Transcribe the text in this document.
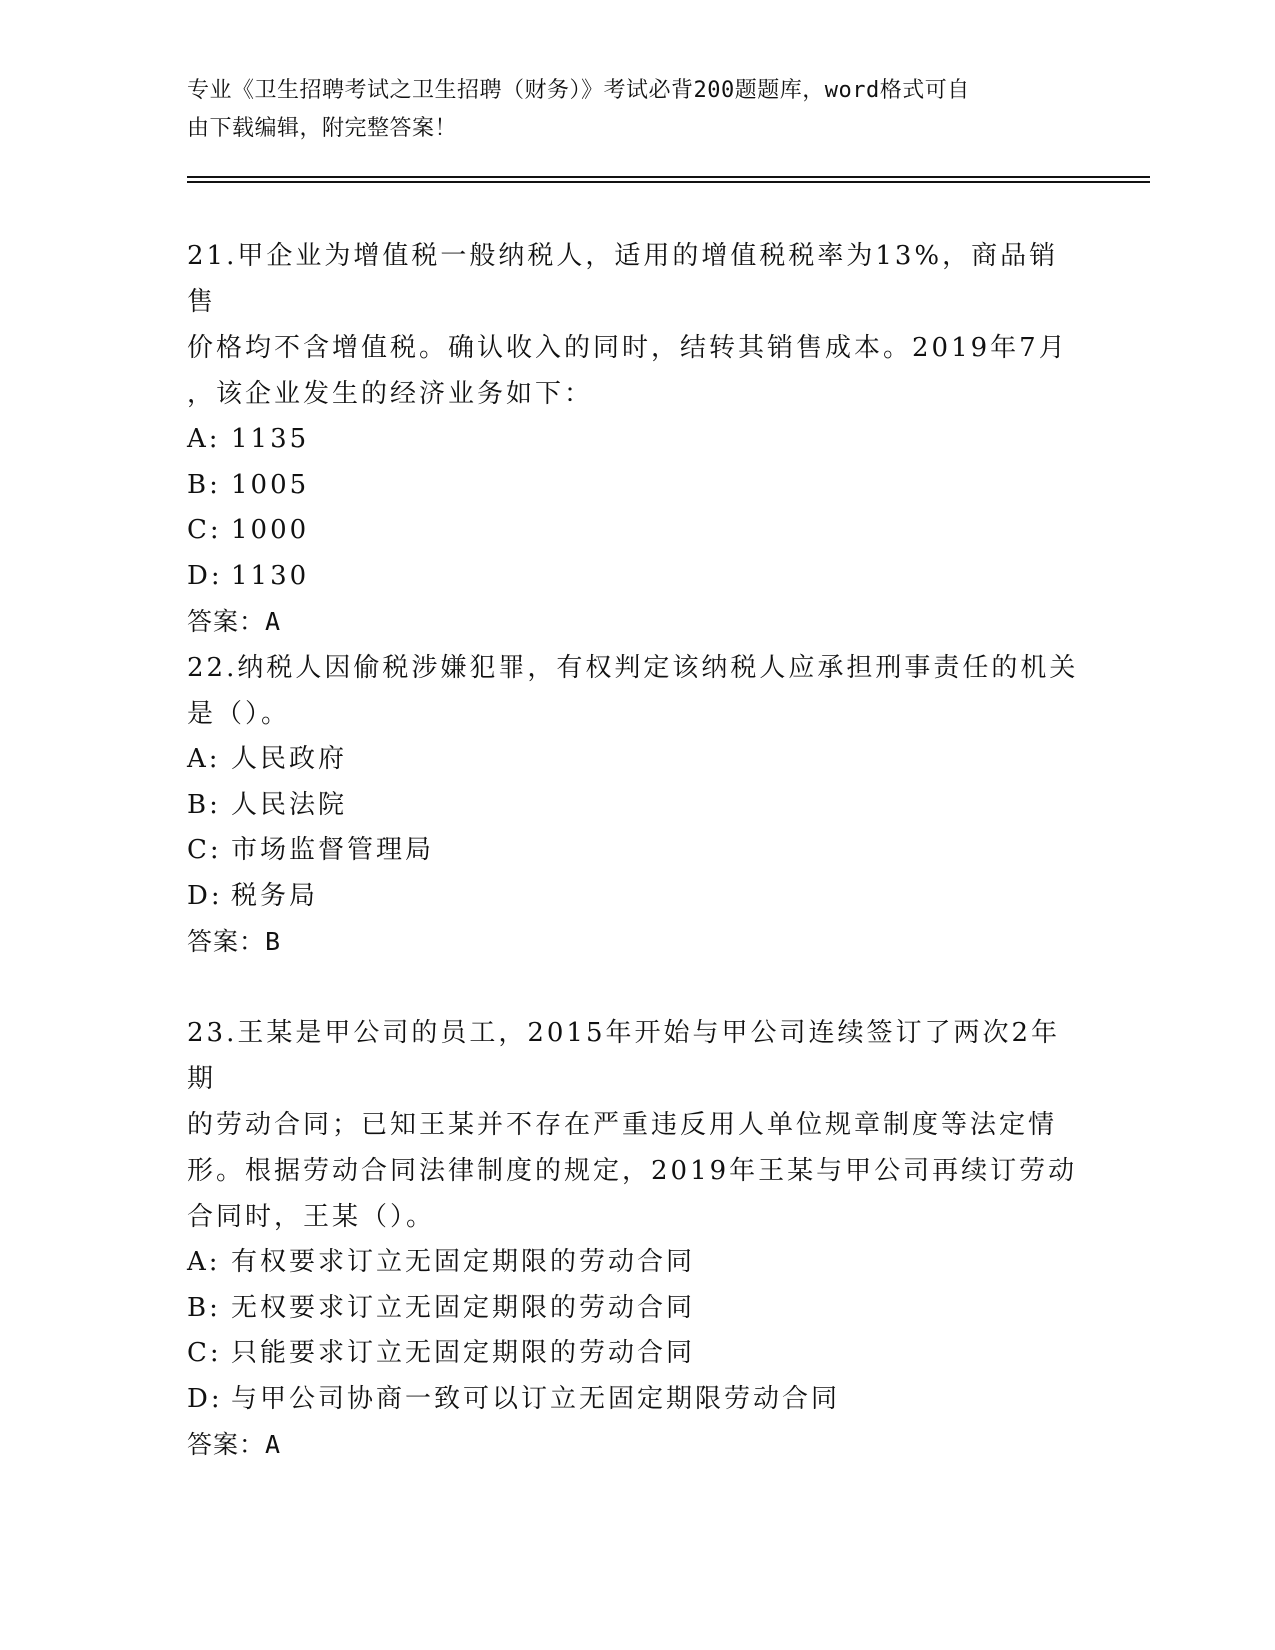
专业《卫生招聘考试之卫生招聘（财务）》考试必背200题题库，word格式可自
由下载编辑，附完整答案！
21.甲企业为增值税一般纳税人，适用的增值税税率为13%，商品销售
价格均不含增值税。确认收入的同时，结转其销售成本。2019年7月
，该企业发生的经济业务如下：
A: 1135
B: 1005
C: 1000
D: 1130
答案：A
22.纳税人因偷税涉嫌犯罪，有权判定该纳税人应承担刑事责任的机关
是（）。
A: 人民政府
B: 人民法院
C: 市场监督管理局
D: 税务局
答案：B
23.王某是甲公司的员工，2015年开始与甲公司连续签订了两次2年期
的劳动合同；已知王某并不存在严重违反用人单位规章制度等法定情
形。根据劳动合同法律制度的规定，2019年王某与甲公司再续订劳动
合同时，王某（）。
A: 有权要求订立无固定期限的劳动合同
B: 无权要求订立无固定期限的劳动合同
C: 只能要求订立无固定期限的劳动合同
D: 与甲公司协商一致可以订立无固定期限劳动合同
答案：A
